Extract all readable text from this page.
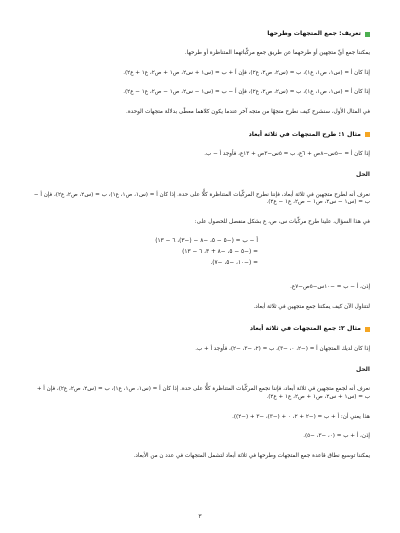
تعريف: جمع المتجهات وطرحها

يمكننا جمع أيِّ متجهين أو طرحهما عن طريق جمع مركِّباتهما المتناظرة أو طرحها.

إذا كان أ = (س١، ص١، ع١)، ب = (س٢، ص٢، ع٢)، فإن أ + ب = (س١ + س٢، ص١ + ص٢، ع١ + ع٢).

إذا كان أ = (س١، ص١، ع١)، ب = (س٢، ص٢، ع٢)، فإن أ − ب = (س١ − س٢، ص١ − ص٢، ع١ − ع٢).

في المثال الأول، سنشرح كيف نطرح متجهًا من متجه آخر عندما يكون كلاهما معطًى بدلالة متجهات الوحدة.

مثال ١: طرح المتجهات في ثلاثة أبعاد

إذا كان أ = −٥س−٨ص + ٦ع، ب = ٥س−٣ص + ١٣ع، فأوجد أ − ب.

الحل

نعرف أنه لطرح متجهين في ثلاثة أبعاد، فإننا نطرح المركِّبات المتناظرة كلًّا على حدة. إذا كان أ = (س١، ص١، ع١)، ب = (س٢، ص٢، ع٢)، فإن أ − ب = (س١ − س٢، ص١ − ص٢، ع١ − ع٢).

في هذا السؤال، علينا طرح مركِّبات س، ص، ع بشكل منفصل للحصول على:

أ − ب = (−٥ − ٥، −٨ − (−٣)، ٦ − ١٣)
= (−٥ − ٥، −٨ + ٣، ٦ − ١٣)
= (−١٠، −٥، −٧).

إذن، أ − ب = −١٠س−٥ص−٧ع.

لنتناول الآن كيف يمكننا جمع متجهين في ثلاثة أبعاد.

مثال ٢: جمع المتجهات في ثلاثة أبعاد

إذا كان لديك المتجهان أ = (−٢، ٠، −٣)، ب = (٢، −٣، −٢)، فأوجد أ + ب.

الحل

نعرف أنه لجمع متجهين في ثلاثة أبعاد، فإننا نجمع المركِّبات المتناظرة كلًّا على حدة. إذا كان أ = (س١، ص١، ع١)، ب = (س٢، ص٢، ع٢)، فإن أ + ب = (س١ + س٢، ص١ + ص٢، ع١ + ع٢).

هذا يعني أن: أ + ب = (−٢ + ٢، ٠ + (−٣)، −٣ + (−٢)).

إذن، أ + ب = (٠، −٣، −٥).

يمكننا توسيع نطاق قاعدة جمع المتجهات وطرحها في ثلاثة أبعاد لتشمل المتجهات في عدد ن من الأبعاد.

٣
